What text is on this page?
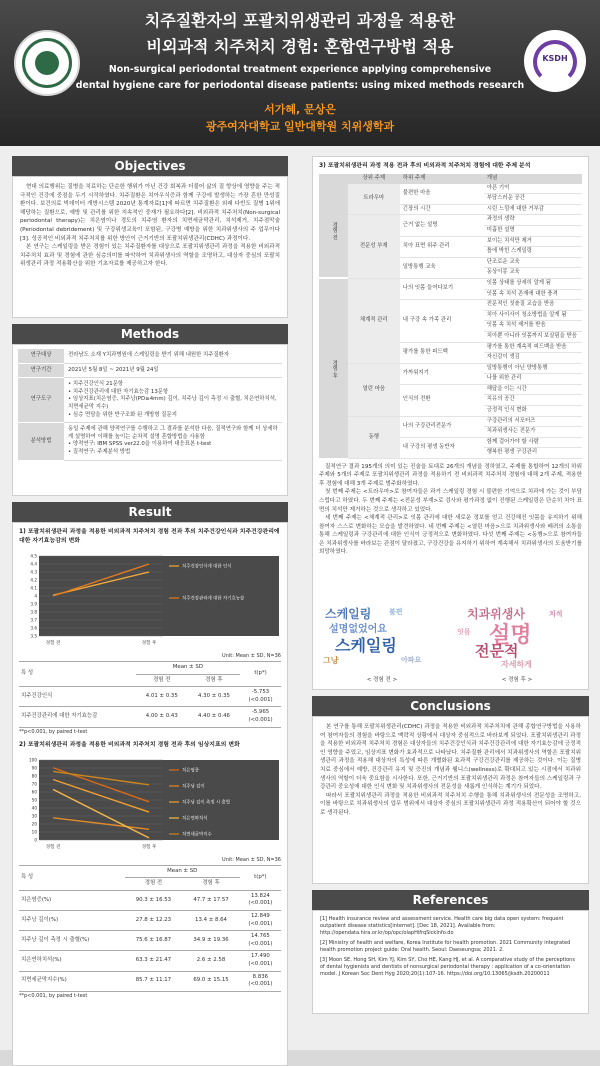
KSDH
치주질환자의 포괄치위생관리 과정을 적용한
비외과적 치주처치 경험: 혼합연구방법 적용
Non-surgical periodontal treatment experience applying comprehensive
dental hygiene care for periodontal disease patients: using mixed methods research
서가혜, 문상은
광주여자대학교 일반대학원 치위생학과
Objectives

현대 의료행위는 질병을 치료하는 단순한 행위가 아닌 건강 회복과 더불어 삶의 질 향상에 영향을 주는 적극적인 건강에 중점을 두기 시작하였다. 치주질환은 치아우식증과 함께 구강에 발생하는 가장 흔한 만성질환이다. 보건의료 빅데이터 개방시스템 2020년 통계자료[1]에 따르면 치주질환은 외래 다빈도 질병 1위에 해당하는 질환으로, 예방 및 관리를 위한 지속적인 중재가 필요하다[2]. 비외과적 치주처치(Non-surgical periodontal therapy)는 치은염이나 경도의 치주염 환자의 치면세균막관리, 치석제거, 치주점막술(Periodontal debridement) 및 구강위생교육이 포함된, 구강병 예방을 위한 치과위생사의 주 업무이다[3]. 성공적인 비외과적 치주처치를 위한 방안이 근거기반의 포괄치위생관리(CDHC) 과정이다.

본 연구는 스케일링을 받은 경험이 있는 치주질환자를 대상으로 포괄치위생관리 과정을 적용한 비외과적 치주처치 효과 및 경험에 관한 심층의미를 파악하여 치과위생사의 역할을 조명하고, 대상자 중심의 포괄치위생관리 과정 적용확산을 위한 기초자료를 제공하고자 한다.

Methods
연구대상	전라남도 소재 Y치과병원에 스케일링을 받기 위해 내원한 치주질환자

연구기간	2021년 5월 8일 ~ 2021년 9월 24일

연구도구	• 치주건강인식 21문항
• 치주건강관리에 대한 자기효능감 13문항
• 임상지표(치은염증, 치주낭(PD≥4mm) 깊이, 치주낭 깊이 측정 시 출혈, 치은연하치석, 치면세균막 지수)
• 심층 면담을 위한 반구조화 된 개방형 질문지

분석방법	동일 주제에 관해 양적연구를 수행하고 그 결과를 분석한 다음, 질적연구와 함께 더 상세하게 설명하여 이해를 높이는 순차적 설명 혼합방법을 사용함
• 양적연구: IBM SPSS ver22.0을 이용하여 대응표본 t-test
• 질적연구: 주제분석 방법
Result

1) 포괄치위생관리 과정을 적용한 비외과적 치주처치 경험 전과 후의 치주건강인식과 치주건강관리에 대한 자기효능감의 변화

3.5
3.6
3.7
3.8
3.9
4
4.1
4.2
4.3
4.4
4.5
경험 전	경험 후
치주건강인식에 대한 인식
치주건강관리에 대한 자기효능감
Unit: Mean ± SD, N=36
특 성	Mean ± SD		t(p*)
	경험 전	경험 후	
치주건강인식	4.01 ± 0.35	4.30 ± 0.35	-5.753
(<0.001)
치주건강관리에 대한 자기효능감	4.00 ± 0.43	4.40 ± 0.46	-5.965
(<0.001)
**p<0.001, by paired t-test

2) 포괄치위생관리 과정을 적용한 비외과적 치주처치 경험 전과 후의 임상지표의 변화

0
10
20
30
40
50
60
70
80
90
100
경험 전	경험 후
치은염증
치주낭 깊이
치주낭 깊이 측정 시 출혈
치은연하치석
치면세균막지수
Unit: Mean ± SD, N=36
특 성	Mean ± SD		t(p*)
	경험 전	경험 후	
치은염증(%)	90.3 ± 16.53	47.7 ± 17.57	13.824
(<0.001)
치주낭 깊이(%)	27.8 ± 12.23	13.4 ± 8.64	12.849
(<0.001)
치주낭 깊이 측정 시 출혈(%)	75.6 ± 16.87	34.9 ± 19.36	14.765
(<0.001)
치은연하치석(%)	63.3 ± 21.47	2.6 ± 2.58	17.490
(<0.001)
치면세균막지수(%)	85.7 ± 11.17	69.0 ± 15.15	8.836
(<0.001)
**p<0.001, by paired t-test

3) 포괄치위생관리 과정 적용 전과 후의 비외과적 치주처치 경험에 대한 주제 분석

	상위 주제	하위 주제	개념
경험 전	트라우마	불편한 마음	아픈 기억
			부담스러운 공간
		긴장의 시간	시린 느낌에 대한 거부감
	전문성 부재	근거 없는 설명	과정의 생략
			미흡한 설명
		치아 표면 위주 관리	보이는 치석만 제거
			틀에 박힌 스케일링
		일방통행 교육	단조로운 교육
			동상이몽 교육
경험 후	체계적 관리	나의 잇몸 들여다보기	잇몸 상태를 상세히 알게 됨
			잇몸 속 치석 존재에 대한 충격
		내 구강 속 가족 관리	전문적인 칫솔질 교습을 받음
			치아 사이사이 청소방법을 알게 됨
			잇몸 속 치석 제거를 받음
			치아뿐 아니라 잇몸까지 보살핌을 받음
		평가를 통한 피드백	평가를 통한 계속적 피드백을 받음
			자신감이 생김
	열린 마음	가까워지기	일방통행이 아닌 양방통행
			나를 위한 관리
		인식의 전환	해답을 이는 시간
			치유의 공간
			긍정적 인식 변화
	동행	나의 구강관리전문가	구강관리의 서포터즈
			치과위생사는 전문가
		내 구강의 평생 동반자	함께 걸어가야 할 사람
			행복한 평생 구강관리

질적연구 결과 195개의 의미 있는 진술을 토대로 26개의 개념을 정하였고, 주제를 통합하여 12개의 하위 주제와 5개의 주제로 포괄치위생관리 과정을 적용하기 전 비외과적 치주처치 경험에 대해 2개 주제, 적용한 후 경험에 대해 3개 주제로 범주화하였다.

첫 번째 주제는 <트라우마>로 참여자들은 과거 스케일링 경험 시 불편한 기억으로 치과에 가는 것이 부담스럽다고 하였다. 두 번째 주제는 <전문성 부재>로 검사와 평가과정 없이 진행된 스케일링은 단순히 치아 표면의 치석만 제거하는 것으로 생각하고 있었다.

세 번째 주제는 <체계적 관리>로 잇몸 관리에 대한 새로운 정보를 얻고 건강해진 잇몸을 유지하기 위해 참여자 스스로 변화하는 모습을 발견하였다. 네 번째 주제는 <열린 마음>으로 치과위생사와 배려의 소통을 통해 스케일링과 구강관리에 대한 인식이 긍정적으로 변화하였다. 다섯 번째 주제는 <동행>으로 참여자들은 치과위생사를 바라보는 관점이 달라졌고, 구강건강을 유지하기 위하여 계속해서 치과위생사의 도움받기를 희망하였다.

스케일링
설명없었어요
스케일링
그냥
불편
아파요
치과위생사
설명
전문적
자세하게
잇몸
치석
< 경험 전 >	< 경험 후 >
Conclusions

본 연구를 통해 포괄치위생관리(CDHC) 과정을 적용한 비외과적 치주처치에 관해 종합연구방법을 사용하여 참여자들의 경험을 바탕으로 맥락적 상황에서 대상자 중심적으로 바라보게 되었다. 포괄치위생관리 과정을 적용한 비외과적 치주처치 경험은 대상자들의 치주건강인식과 치주건강관리에 대한 자기효능감에 긍정적인 영향을 주었고, 임상지표 변화가 효과적으로 나타났다. 치주질환 관리에서 치과위생사의 역할은 포괄치위생관리 과정을 적용해 대상자의 특성에 따른 개별화된 효과적 구강건강관리를 제공하는 것이다. 이는 질병 치료 중심에서 예방, 건강관리 유지 및 증진의 개념과 웰니스(wellness)로 확대되고 있는 시점에서 치과위생사의 역할이 더욱 중요함을 시사한다. 또한, 근거기반의 포괄치위생관리 과정은 참여자들의 스케일링과 구강관리 중요성에 대한 인식 변화 및 치과위생사의 전문성을 새롭게 인식하는 계기가 되었다.

따라서 포괄치위생관리 과정을 적용한 비외과적 치주처치 수행을 통해 치과위생사의 전문성을 조명하고, 이를 바탕으로 치과위생사의 업무 범위에서 대상자 중심의 포괄치위생관리 과정 적용확산이 되어야 할 것으로 생각된다.

References

[1] Health insurance review and assessment service. Health care big data open system: frequent outpatient disease statistics[internet]. [Dec 18, 2021]. Available from: http://opendata.hira.or.kr/op/opc/olapHifrqSickInfo.do

[2] Ministry of health and welfare, Korea Institute for health promotion. 2021 Community integrated health promotion project guide: Oral health. Seoul: Daeseungsa; 2021. 2.

[3] Moon SE, Hong SH, Kim YJ, Kim SY, Cho HE, Kang HJ, et al. A comparative study of the perceptions of dental hygienists and dentists of nonsurgical periodontal therapy : application of a co-orientation model. J Korean Soc Dent Hyg 2020;20(1):107-16. https://doi.org/10.13065/jksdh.20200011
